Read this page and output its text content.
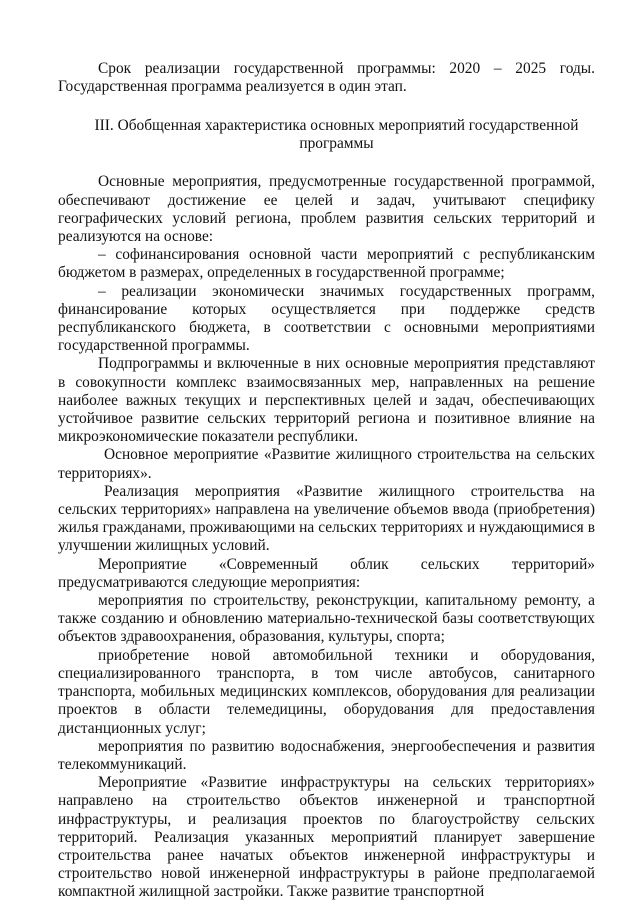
Срок реализации государственной программы: 2020 – 2025 годы. Государственная программа реализуется в один этап.

III. Обобщенная характеристика основных мероприятий государственной программы

Основные мероприятия, предусмотренные государственной программой, обеспечивают достижение ее целей и задач, учитывают специфику географических условий региона, проблем развития сельских территорий и реализуются на основе:

– софинансирования основной части мероприятий с республиканским бюджетом в размерах, определенных в государственной программе;

– реализации экономически значимых государственных программ, финансирование которых осуществляется при поддержке средств республиканского бюджета, в соответствии с основными мероприятиями государственной программы.

Подпрограммы и включенные в них основные мероприятия представляют в совокупности комплекс взаимосвязанных мер, направленных на решение наиболее важных текущих и перспективных целей и задач, обеспечивающих устойчивое развитие сельских территорий региона и позитивное влияние на микроэкономические показатели республики.

Основное мероприятие «Развитие жилищного строительства на сельских территориях».

Реализация мероприятия «Развитие жилищного строительства на сельских территориях» направлена на увеличение объемов ввода (приобретения) жилья гражданами, проживающими на сельских территориях и нуждающимися в улучшении жилищных условий.

Мероприятие «Современный облик сельских территорий» предусматриваются следующие мероприятия:

мероприятия по строительству, реконструкции, капитальному ремонту, а также созданию и обновлению материально-технической базы соответствующих объектов здравоохранения, образования, культуры, спорта;

приобретение новой автомобильной техники и оборудования, специализированного транспорта, в том числе автобусов, санитарного транспорта, мобильных медицинских комплексов, оборудования для реализации проектов в области телемедицины, оборудования для предоставления дистанционных услуг;

мероприятия по развитию водоснабжения, энергообеспечения и развития телекоммуникаций.

Мероприятие «Развитие инфраструктуры на сельских территориях» направлено на строительство объектов инженерной и транспортной инфраструктуры, и реализация проектов по благоустройству сельских территорий. Реализация указанных мероприятий планирует завершение строительства ранее начатых объектов инженерной инфраструктуры и строительство новой инженерной инфраструктуры в районе предполагаемой компактной жилищной застройки. Также развитие транспортной
